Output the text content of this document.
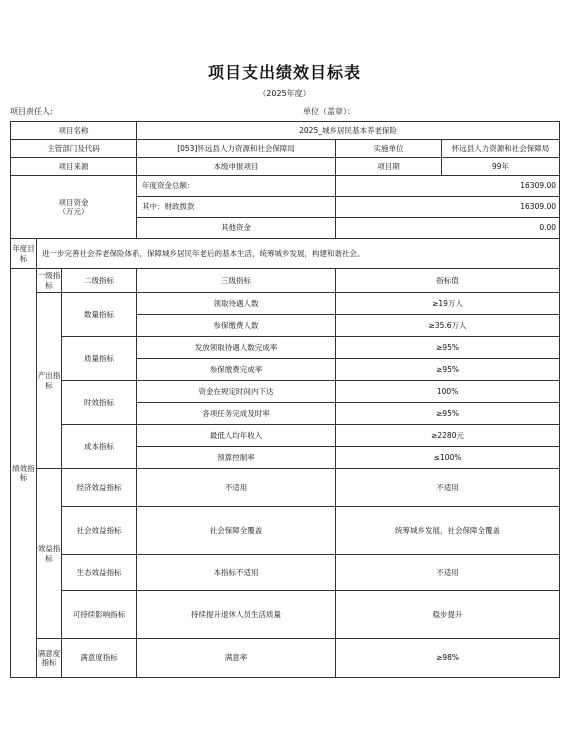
项目支出绩效目标表
（2025年度）
项目责任人:	单位（盖章）：
项目名称			2025_城乡居民基本养老保险		
主管部门及代码			[053]怀远县人力资源和社会保障局	实施单位	怀远县人力资源和社会保障局
项目来源			本级申报项目	项目期	99年

项目资金
（万元）			年度资金总额：	16309.00	
			其中：财政拨款	16309.00	
			其他资金	0.00	
年度目标	进一步完善社会养老保险体系，保障城乡居民年老后的基本生活，统筹城乡发展，构建和谐社会。				
绩效指标	一级指标	二级指标	三级指标	指标值	
	产出指标	数量指标	领取待遇人数	≥19万人	
			参保缴费人数	≥35.6万人	
		质量指标	发放领取待遇人数完成率	≥95%	
			参保缴费完成率	≥95%	
		时效指标	资金在规定时间内下达	100%	
			各项任务完成及时率	≥95%	
		成本指标	最低人均年收入	≥2280元	
			预算控制率	≤100%	
	效益指标	经济效益指标	不适用	不适用	
		社会效益指标	社会保障全覆盖	统筹城乡发展，社会保障全覆盖	
		生态效益指标	本指标不适用	不适用	
		可持续影响指标	持续提升退休人员生活质量	稳步提升	
	满意度指标	满意度指标	满意率	≥98%	
